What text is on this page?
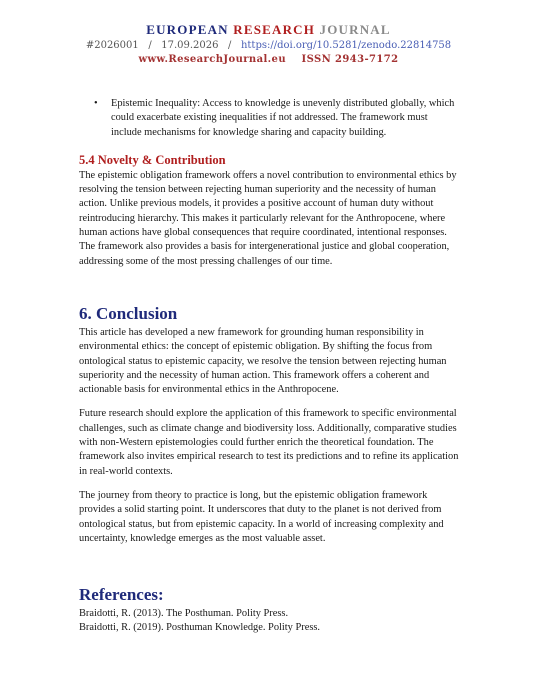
EUROPEAN RESEARCH JOURNAL
#2026001 / 17.09.2026 / https://doi.org/10.5281/zenodo.22814758
www.ResearchJournal.eu ISSN 2943-7172
• Epistemic Inequality: Access to knowledge is unevenly distributed globally, which could exacerbate existing inequalities if not addressed. The framework must include mechanisms for knowledge sharing and capacity building.
5.4 Novelty & Contribution

The epistemic obligation framework offers a novel contribution to environmental ethics by resolving the tension between rejecting human superiority and the necessity of human action. Unlike previous models, it provides a positive account of human duty without reintroducing hierarchy. This makes it particularly relevant for the Anthropocene, where human actions have global consequences that require coordinated, intentional responses. The framework also provides a basis for intergenerational justice and global cooperation, addressing some of the most pressing challenges of our time.

6. Conclusion

This article has developed a new framework for grounding human responsibility in environmental ethics: the concept of epistemic obligation. By shifting the focus from ontological status to epistemic capacity, we resolve the tension between rejecting human superiority and the necessity of human action. This framework offers a coherent and actionable basis for environmental ethics in the Anthropocene.

Future research should explore the application of this framework to specific environmental challenges, such as climate change and biodiversity loss. Additionally, comparative studies with non-Western epistemologies could further enrich the theoretical foundation. The framework also invites empirical research to test its predictions and to refine its application in real-world contexts.

The journey from theory to practice is long, but the epistemic obligation framework provides a solid starting point. It underscores that duty to the planet is not derived from ontological status, but from epistemic capacity. In a world of increasing complexity and uncertainty, knowledge emerges as the most valuable asset.

References:

Braidotti, R. (2013). The Posthuman. Polity Press.

Braidotti, R. (2019). Posthuman Knowledge. Polity Press.
